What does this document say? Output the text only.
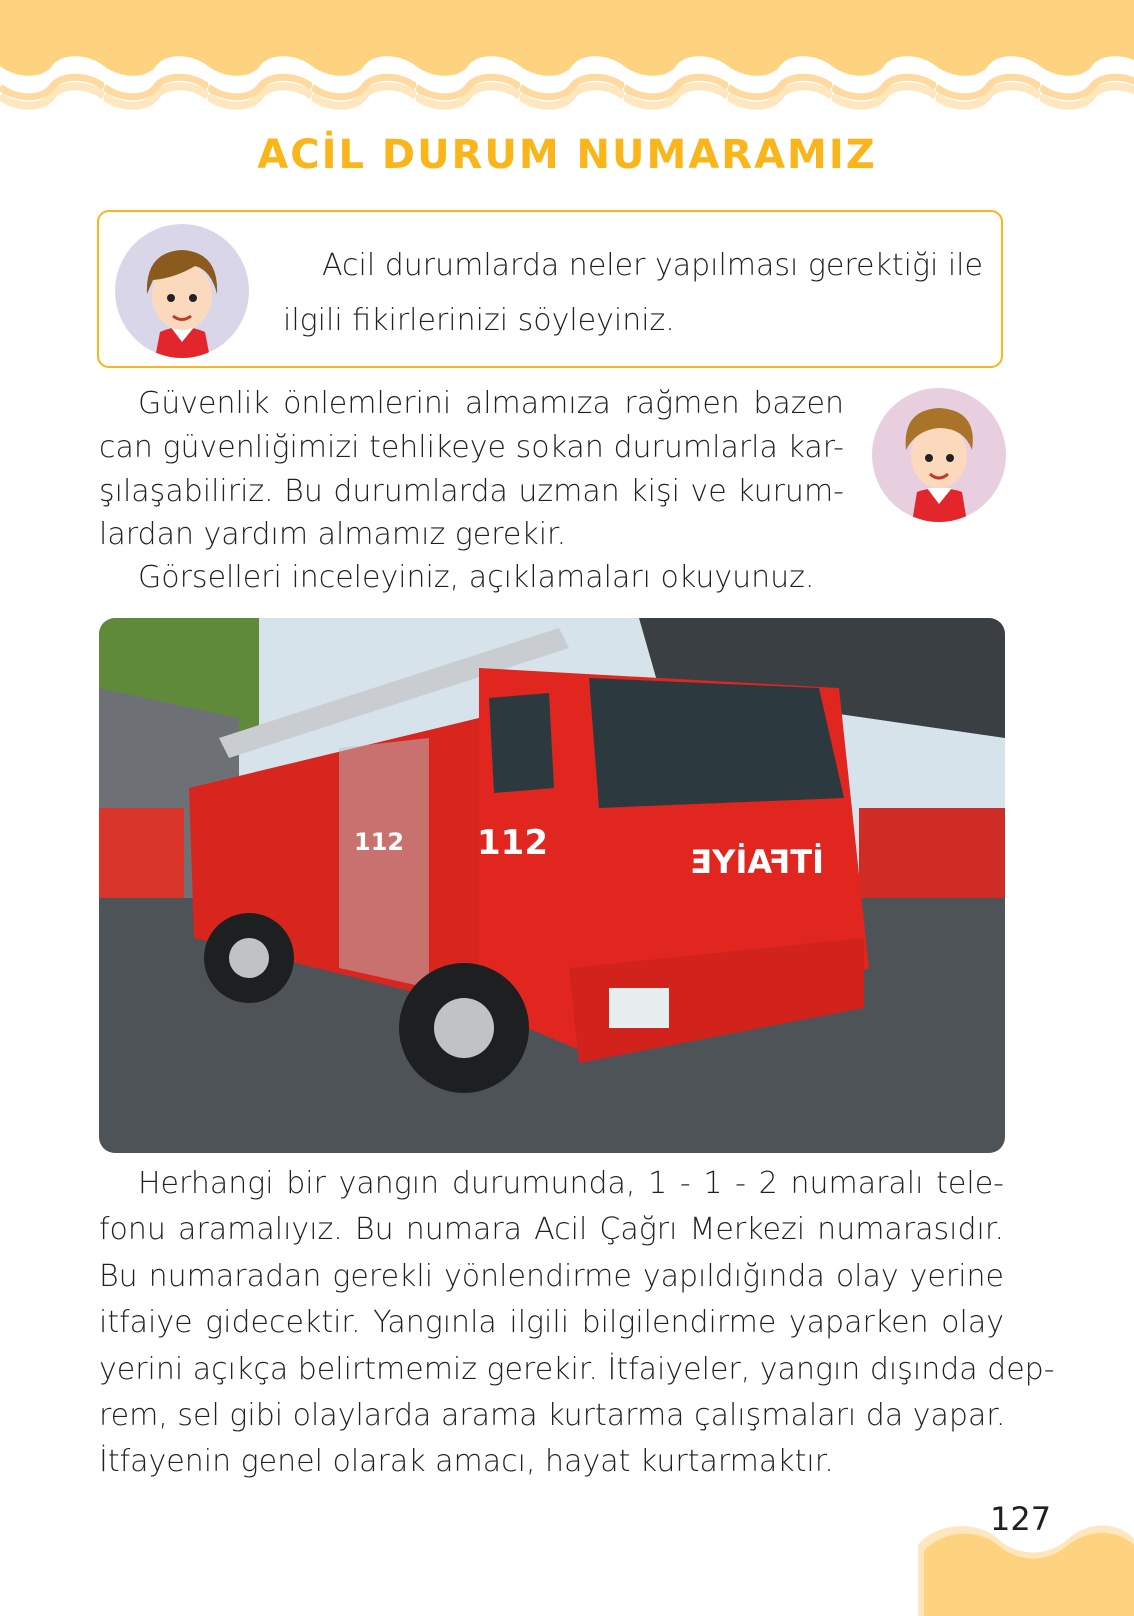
ACİL DURUM NUMARAMIZ
Acil durumlarda neler yapılması gerektiği ile
ilgili fikirlerinizi söyleyiniz.
Güvenlik önlemlerini almamıza rağmen bazen
can güvenliğimizi tehlikeye sokan durumlarla kar-
şılaşabiliriz. Bu durumlarda uzman kişi ve kurum-
lardan yardım almamız gerekir.
Görselleri inceleyiniz, açıklamaları okuyunuz.
112
112
İTFAİYE
Herhangi bir yangın durumunda, 1 - 1 - 2 numaralı tele-
fonu aramalıyız. Bu numara Acil Çağrı Merkezi numarasıdır.
Bu numaradan gerekli yönlendirme yapıldığında olay yerine
itfaiye gidecektir. Yangınla ilgili bilgilendirme yaparken olay
yerini açıkça belirtmemiz gerekir. İtfaiyeler, yangın dışında dep-
rem, sel gibi olaylarda arama kurtarma çalışmaları da yapar.
İtfayenin genel olarak amacı, hayat kurtarmaktır.
127
